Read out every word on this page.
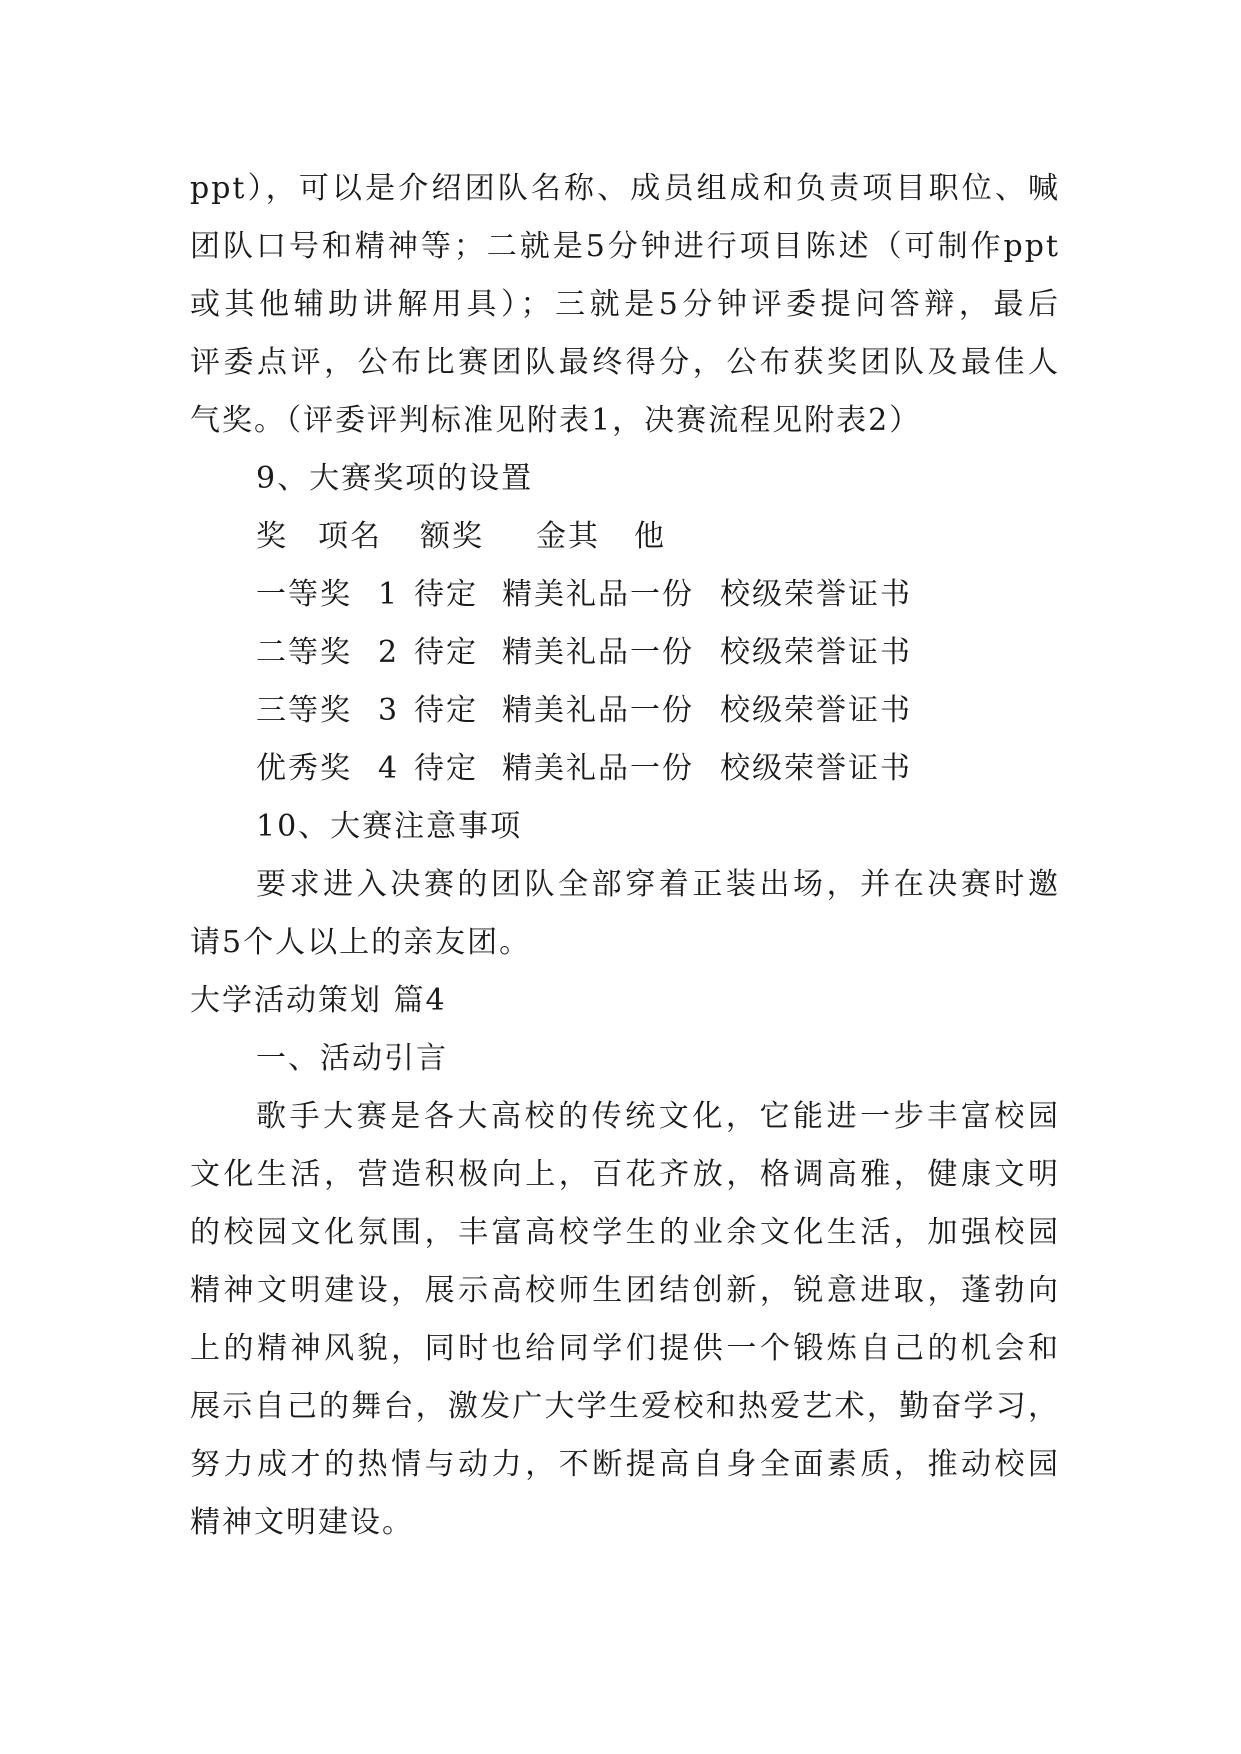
ppt），可以是介绍团队名称、成员组成和负责项目职位、喊
团队口号和精神等；二就是5分钟进行项目陈述（可制作ppt
或其他辅助讲解用具）；三就是5分钟评委提问答辩，最后
评委点评，公布比赛团队最终得分，公布获奖团队及最佳人
气奖。（评委评判标准见附表1，决赛流程见附表2）
9、大赛奖项的设置
奖	项名	额奖	金其	他
一等奖 1 待定 精美礼品一份 校级荣誉证书
二等奖 2 待定 精美礼品一份 校级荣誉证书
三等奖 3 待定 精美礼品一份 校级荣誉证书
优秀奖 4 待定 精美礼品一份 校级荣誉证书
10、大赛注意事项
要求进入决赛的团队全部穿着正装出场，并在决赛时邀
请5个人以上的亲友团。
大学活动策划 篇4
一、活动引言
歌手大赛是各大高校的传统文化，它能进一步丰富校园
文化生活，营造积极向上，百花齐放，格调高雅，健康文明
的校园文化氛围，丰富高校学生的业余文化生活，加强校园
精神文明建设，展示高校师生团结创新，锐意进取，蓬勃向
上的精神风貌，同时也给同学们提供一个锻炼自己的机会和
展示自己的舞台，激发广大学生爱校和热爱艺术，勤奋学习，
努力成才的热情与动力，不断提高自身全面素质，推动校园
精神文明建设。
